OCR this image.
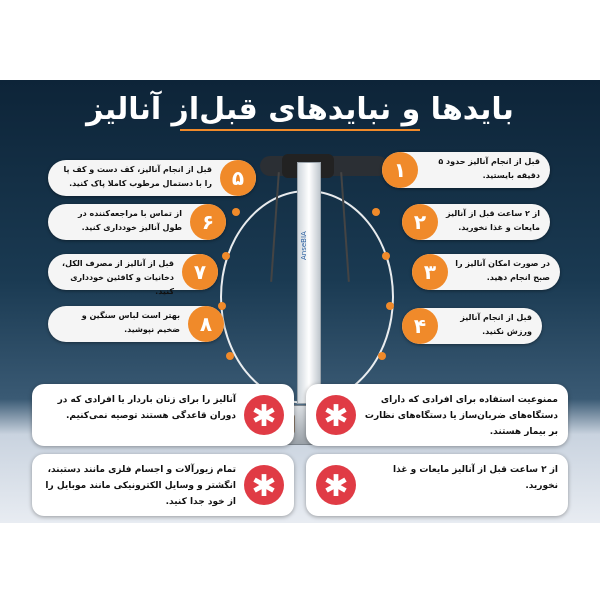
بایدها و نبایدهای قبل‌از آنالیز
AnseBIA
قبل از انجام آنالیز، کف دست و کف پا را با دستمال مرطوب کاملا پاک کنید. ۵
از تماس با مراجعه‌کننده در طول آنالیز خودداری کنید. ۶
قبل از آنالیز از مصرف الکل، دخانیات و کافئین خودداری کنید.
۷
بهتر است لباس سنگین و ضخیم نپوشید. ۸
۱	قبل از انجام آنالیز حدود ۵ دقیقه بایستید.
۲	از ۲ ساعت قبل از آنالیز مایعات و غذا نخورید.
۳	در صورت امکان آنالیز را صبح انجام دهید.
۴	قبل از انجام آنالیز ورزش نکنید.
آنالیز را برای زنان باردار یا افرادی که در دوران قاعدگی هستند توصیه نمی‌کنیم. ✱ ✱	ممنوعیت استفاده برای افرادی که دارای دستگاه‌های ضربان‌ساز یا دستگاه‌های نظارت بر بیمار هستند.
تمام زیورآلات و اجسام فلزی مانند دستبند، انگشتر و وسایل الکترونیکی مانند موبایل را از خود جدا کنید. ✱ ✱	از ۲ ساعت قبل از آنالیز مایعات و غذا نخورید.
